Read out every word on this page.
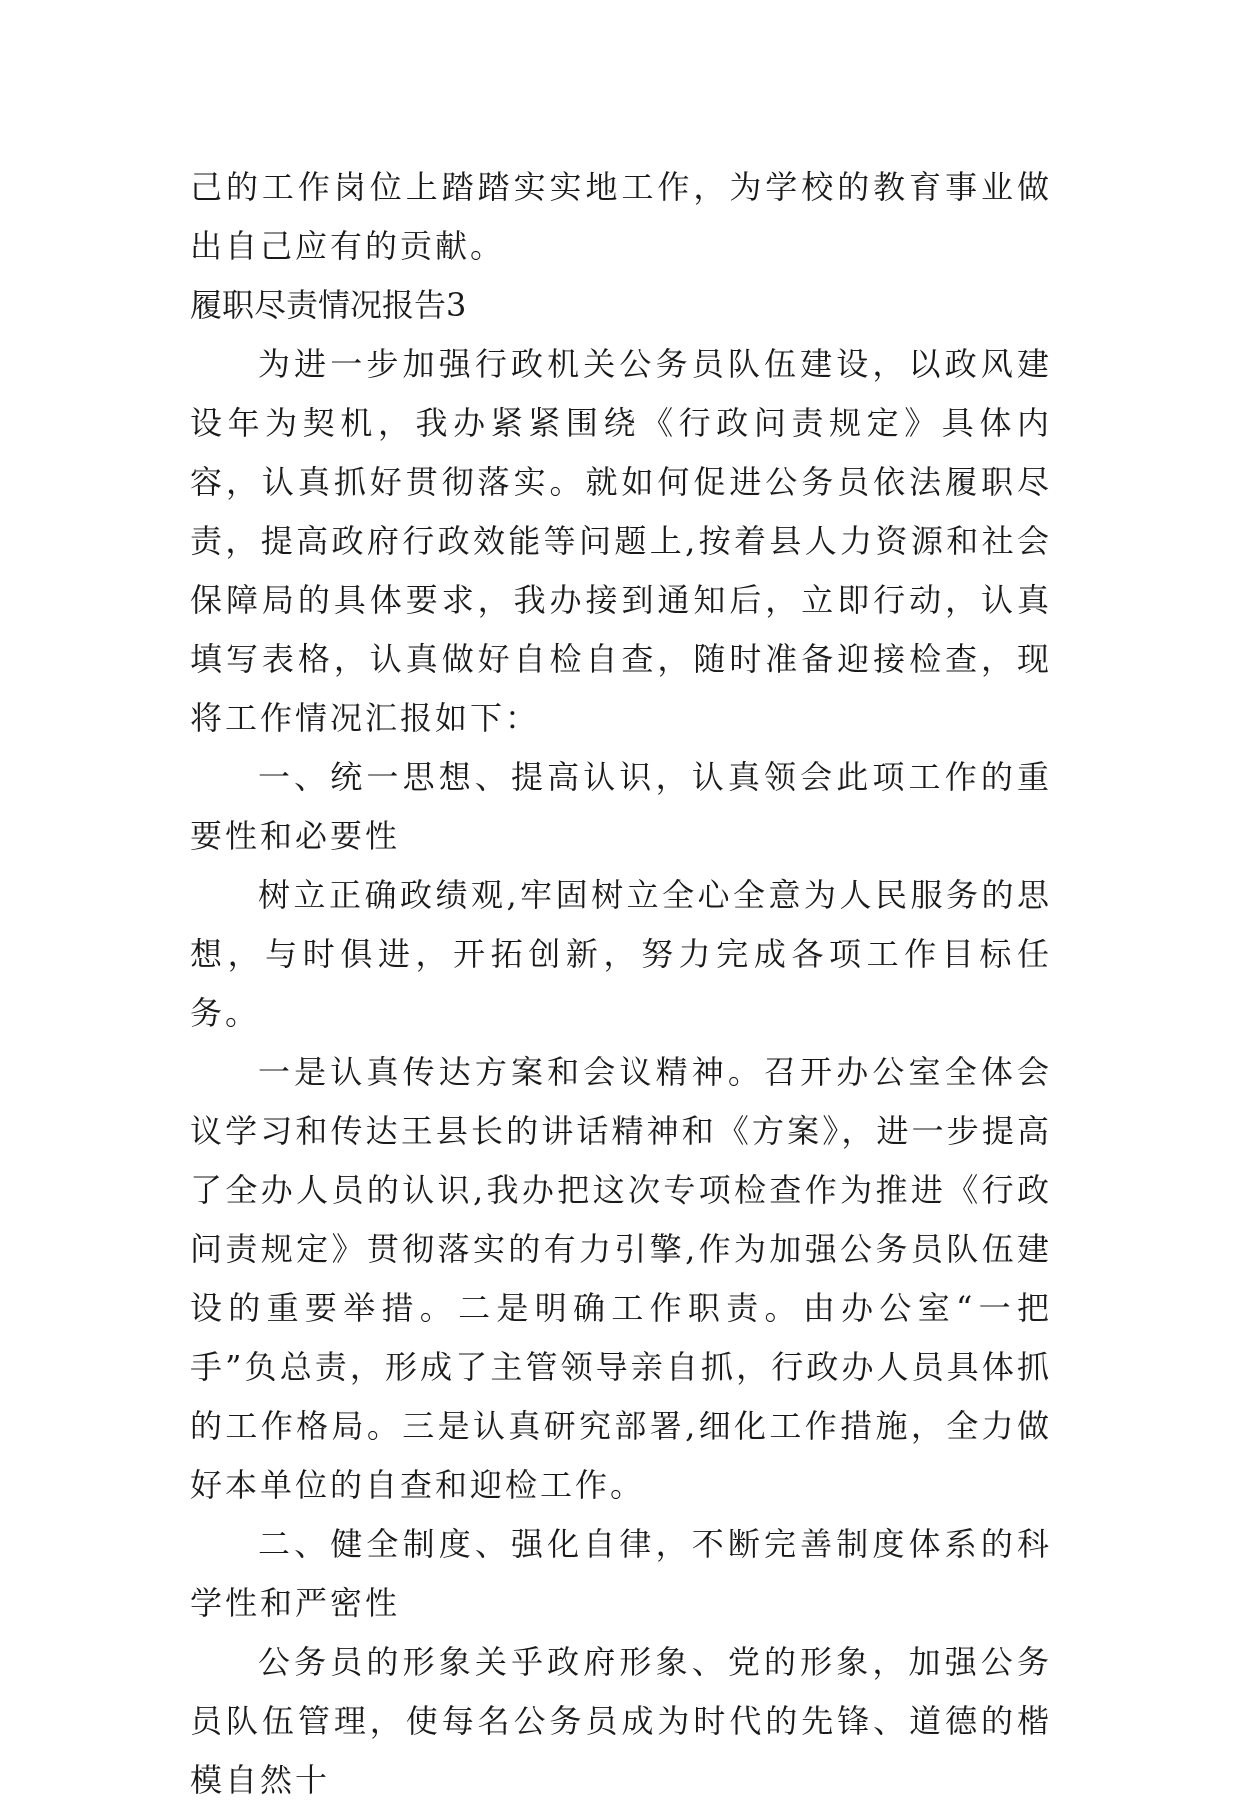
己的工作岗位上踏踏实实地工作，为学校的教育事业做出自己应有的贡献。

履职尽责情况报告3

为进一步加强行政机关公务员队伍建设，以政风建设年为契机，我办紧紧围绕《行政问责规定》具体内容，认真抓好贯彻落实。就如何促进公务员依法履职尽责，提高政府行政效能等问题上,按着县人力资源和社会保障局的具体要求，我办接到通知后，立即行动，认真填写表格，认真做好自检自查，随时准备迎接检查，现将工作情况汇报如下：

一、统一思想、提高认识，认真领会此项工作的重要性和必要性

树立正确政绩观,牢固树立全心全意为人民服务的思想，与时俱进，开拓创新，努力完成各项工作目标任务。

一是认真传达方案和会议精神。召开办公室全体会议学习和传达王县长的讲话精神和《方案》，进一步提高了全办人员的认识,我办把这次专项检查作为推进《行政问责规定》贯彻落实的有力引擎,作为加强公务员队伍建设的重要举措。二是明确工作职责。由办公室“一把手”负总责，形成了主管领导亲自抓，行政办人员具体抓的工作格局。三是认真研究部署,细化工作措施，全力做好本单位的自查和迎检工作。

二、健全制度、强化自律，不断完善制度体系的科学性和严密性

公务员的形象关乎政府形象、党的形象，加强公务员队伍管理，使每名公务员成为时代的先锋、道德的楷模自然十
